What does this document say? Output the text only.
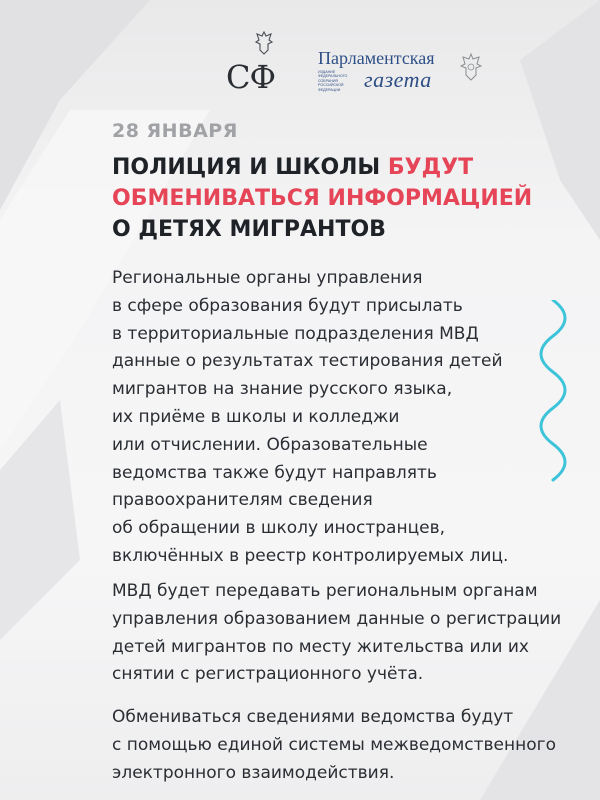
СФ Парламентская
ИЗДАНИЕ ФЕДЕРАЛЬНОГО СОБРАНИЯ РОССИЙСКОЙ ФЕДЕРАЦИИ	газета
28 ЯНВАРЯ
ПОЛИЦИЯ И ШКОЛЫ БУДУТ
ОБМЕНИВАТЬСЯ ИНФОРМАЦИЕЙ
О ДЕТЯХ МИГРАНТОВ

Региональные органы управления
в сфере образования будут присылать
в территориальные подразделения МВД
данные о результатах тестирования детей
мигрантов на знание русского языка,
их приёме в школы и колледжи
или отчислении. Образовательные
ведомства также будут направлять
правоохранителям сведения
об обращении в школу иностранцев,
включённых в реестр контролируемых лиц.

МВД будет передавать региональным органам
управления образованием данные о регистрации
детей мигрантов по месту жительства или их
снятии с регистрационного учёта.

Обмениваться сведениями ведомства будут
с помощью единой системы межведомственного
электронного взаимодействия.
